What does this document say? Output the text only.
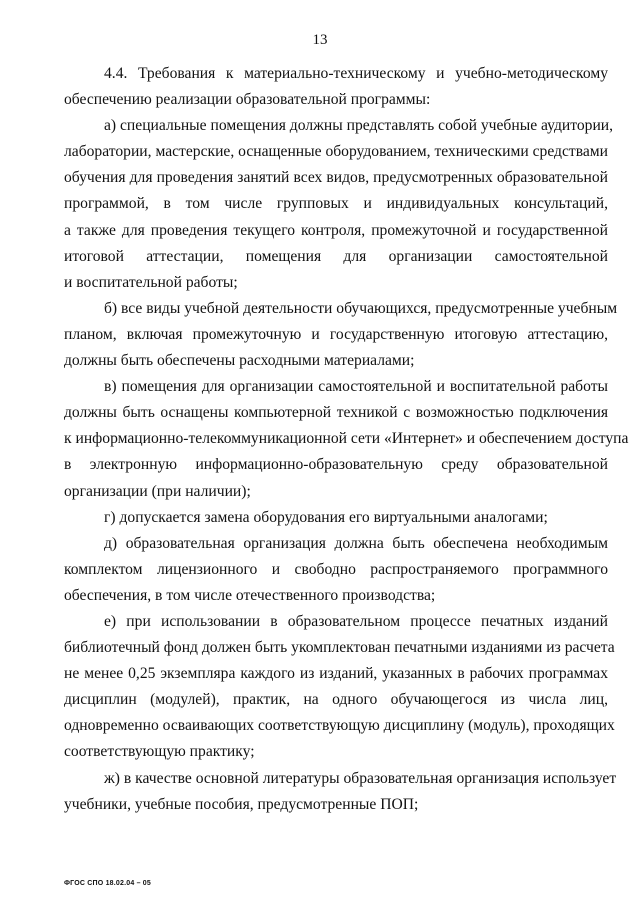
13
4.4. Требования к материально-техническому и учебно-методическому
обеспечению реализации образовательной программы:
а) специальные помещения должны представлять собой учебные аудитории,
лаборатории, мастерские, оснащенные оборудованием, техническими средствами
обучения для проведения занятий всех видов, предусмотренных образовательной
программой, в том числе групповых и индивидуальных консультаций,
а также для проведения текущего контроля, промежуточной и государственной
итоговой аттестации, помещения для организации самостоятельной
и воспитательной работы;
б) все виды учебной деятельности обучающихся, предусмотренные учебным
планом, включая промежуточную и государственную итоговую аттестацию,
должны быть обеспечены расходными материалами;
в) помещения для организации самостоятельной и воспитательной работы
должны быть оснащены компьютерной техникой с возможностью подключения
к информационно-телекоммуникационной сети «Интернет» и обеспечением доступа
в электронную информационно-образовательную среду образовательной
организации (при наличии);
г) допускается замена оборудования его виртуальными аналогами;
д) образовательная организация должна быть обеспечена необходимым
комплектом лицензионного и свободно распространяемого программного
обеспечения, в том числе отечественного производства;
е) при использовании в образовательном процессе печатных изданий
библиотечный фонд должен быть укомплектован печатными изданиями из расчета
не менее 0,25 экземпляра каждого из изданий, указанных в рабочих программах
дисциплин (модулей), практик, на одного обучающегося из числа лиц,
одновременно осваивающих соответствующую дисциплину (модуль), проходящих
соответствующую практику;
ж) в качестве основной литературы образовательная организация использует
учебники, учебные пособия, предусмотренные ПОП;
ФГОС СПО 18.02.04 – 05
